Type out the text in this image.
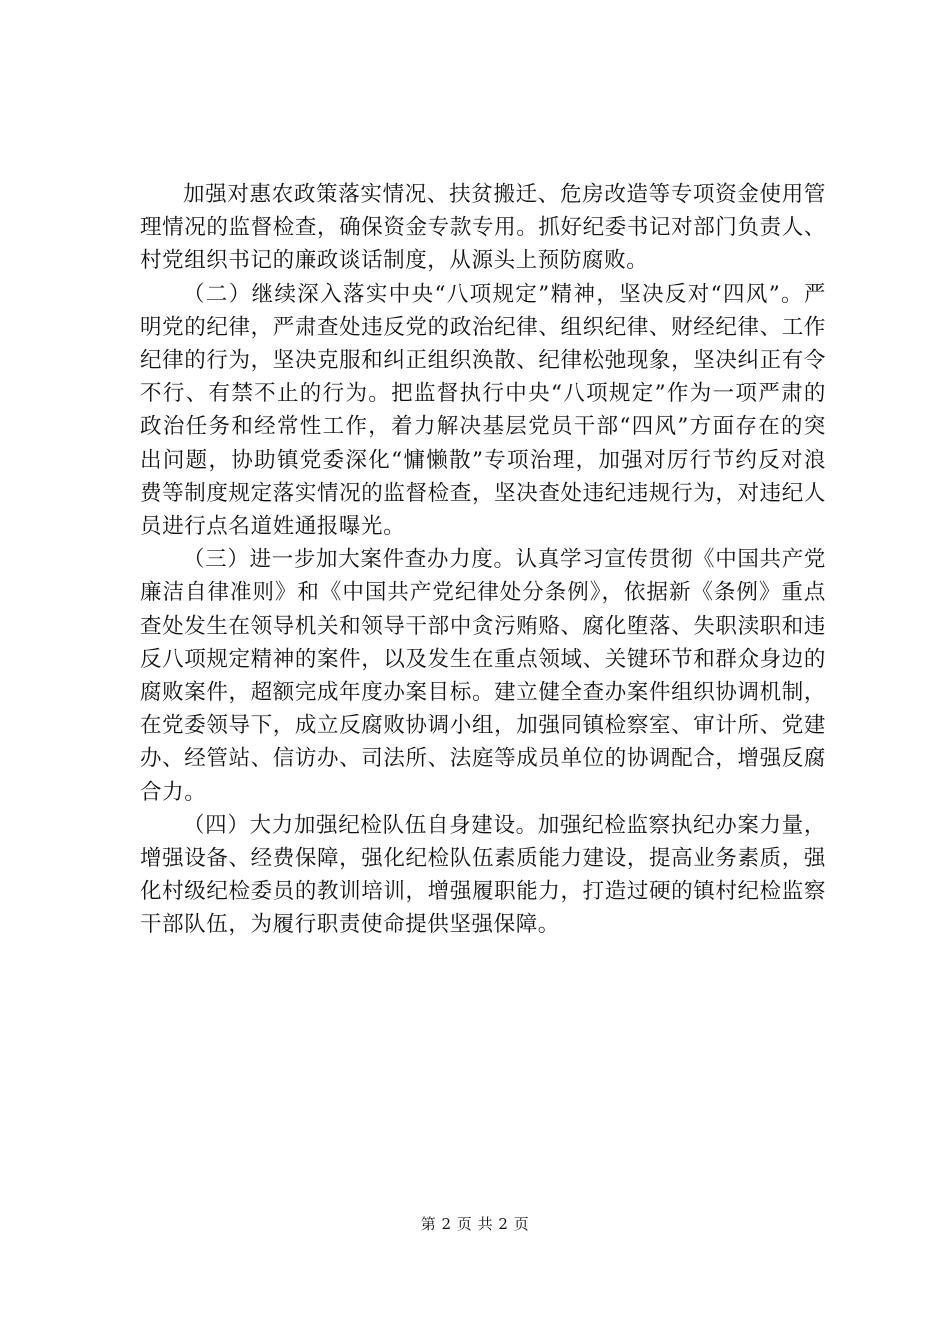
加强对惠农政策落实情况、扶贫搬迁、危房改造等专项资金使用管理情况的监督检查，确保资金专款专用。抓好纪委书记对部门负责人、村党组织书记的廉政谈话制度，从源头上预防腐败。

（二）继续深入落实中央“八项规定”精神，坚决反对“四风”。严明党的纪律，严肃查处违反党的政治纪律、组织纪律、财经纪律、工作纪律的行为，坚决克服和纠正组织涣散、纪律松弛现象，坚决纠正有令不行、有禁不止的行为。把监督执行中央“八项规定”作为一项严肃的政治任务和经常性工作，着力解决基层党员干部“四风”方面存在的突出问题，协助镇党委深化“慵懒散”专项治理，加强对厉行节约反对浪费等制度规定落实情况的监督检查，坚决查处违纪违规行为，对违纪人员进行点名道姓通报曝光。

（三）进一步加大案件查办力度。认真学习宣传贯彻《中国共产党廉洁自律准则》和《中国共产党纪律处分条例》，依据新《条例》重点查处发生在领导机关和领导干部中贪污贿赂、腐化堕落、失职渎职和违反八项规定精神的案件，以及发生在重点领域、关键环节和群众身边的腐败案件，超额完成年度办案目标。建立健全查办案件组织协调机制，在党委领导下，成立反腐败协调小组，加强同镇检察室、审计所、党建办、经管站、信访办、司法所、法庭等成员单位的协调配合，增强反腐合力。

（四）大力加强纪检队伍自身建设。加强纪检监察执纪办案力量，增强设备、经费保障，强化纪检队伍素质能力建设，提高业务素质，强化村级纪检委员的教训培训，增强履职能力，打造过硬的镇村纪检监察干部队伍，为履行职责使命提供坚强保障。

第 2 页 共 2 页
